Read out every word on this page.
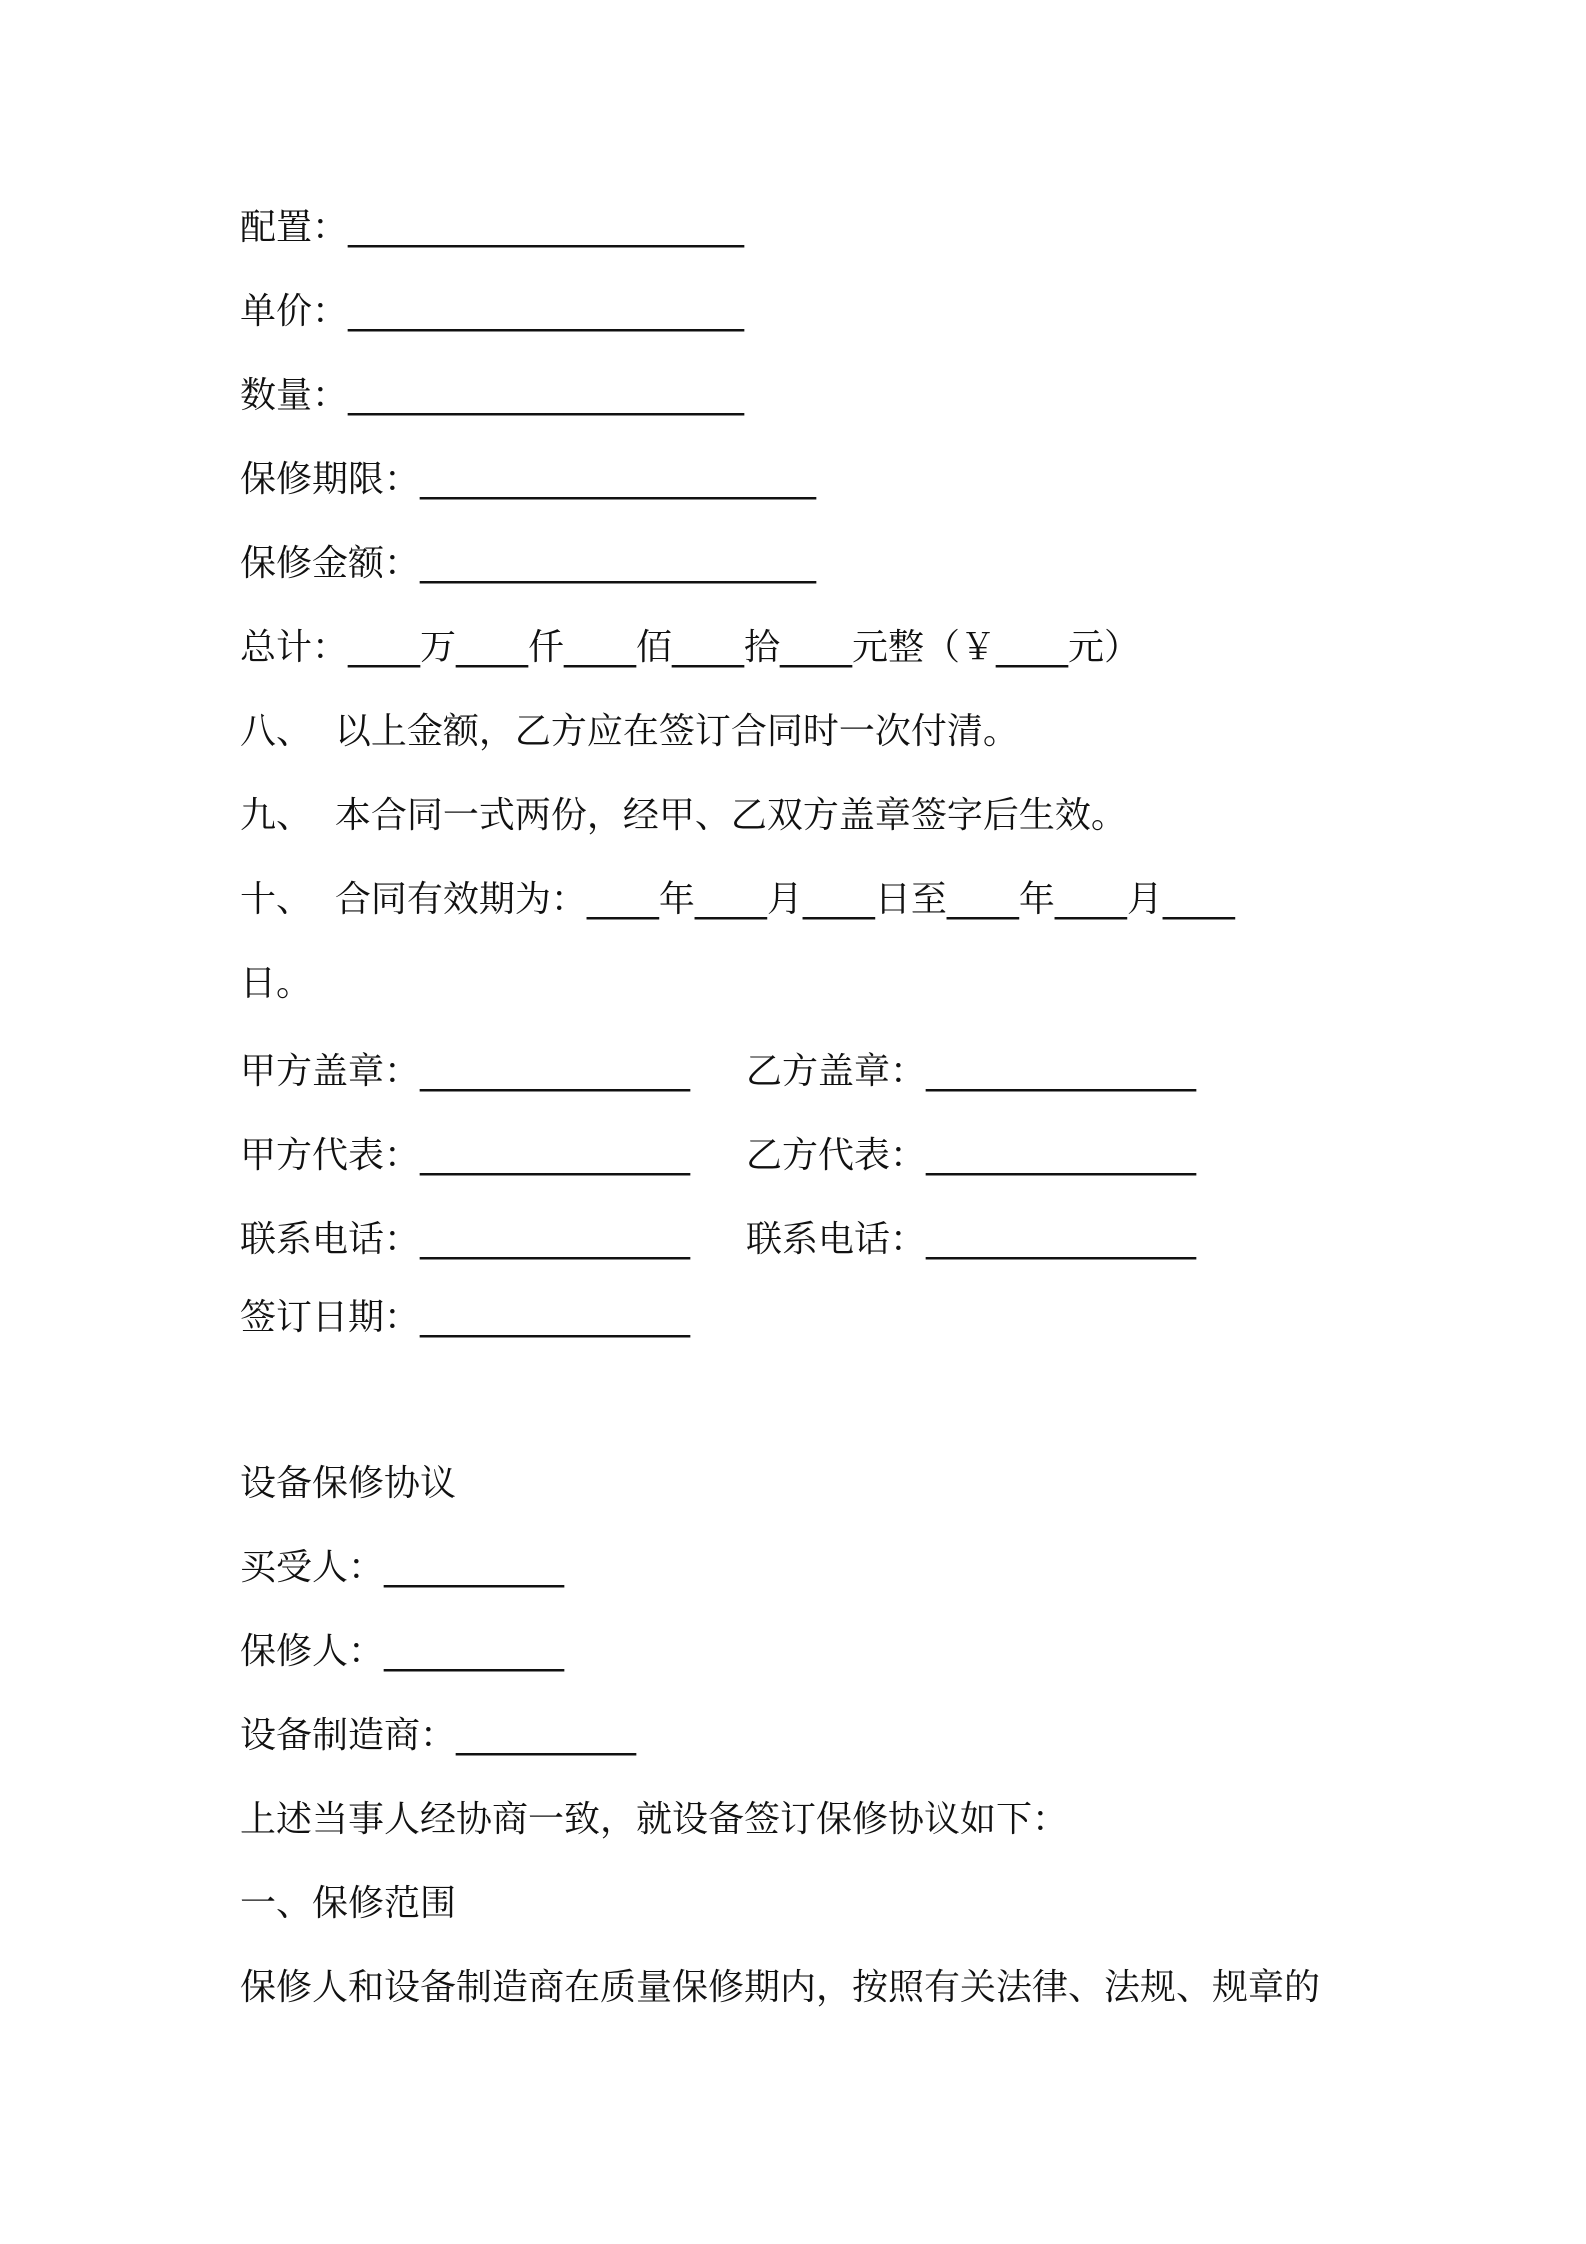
配置：______________________

单价：______________________

数量：______________________

保修期限：______________________

保修金额：______________________

总计：____万____仟____佰____拾____元整（￥____元）

八、  以上金额，乙方应在签订合同时一次付清。

九、  本合同一式两份，经甲、乙双方盖章签字后生效。

十、  合同有效期为：____年____月____日至____年____月____

日。

甲方盖章：_______________ 乙方盖章：_______________

甲方代表：_______________ 乙方代表：_______________

联系电话：_______________ 联系电话：_______________

签订日期：_______________

设备保修协议

买受人：__________

保修人：__________

设备制造商：__________

上述当事人经协商一致，就设备签订保修协议如下：

一、保修范围

保修人和设备制造商在质量保修期内，按照有关法律、法规、规章的
